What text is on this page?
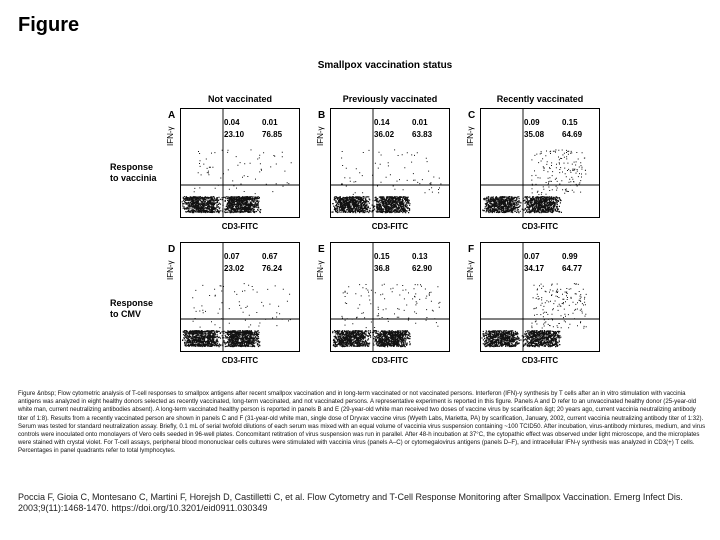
Figure
Smallpox vaccination status
Not vaccinated	Previously vaccinated	Recently vaccinated
Response
to vaccinia
Response
to CMV
A
IFN-γ
0.04	0.01
23.10 76.85
CD3-FITC
B
IFN-γ
0.14	0.01
36.02 63.83
CD3-FITC
C
IFN-γ
0.09	0.15
35.08 64.69
CD3-FITC
D
IFN-γ
0.07	0.67
23.02 76.24
CD3-FITC
E
IFN-γ
0.15	0.13
36.8	62.90
CD3-FITC
F
IFN-γ
0.07	0.99
34.17 64.77
CD3-FITC
Figure &nbsp; Flow cytometric analysis of T-cell responses to smallpox antigens after recent smallpox vaccination and in long-term vaccinated or not vaccinated persons. Interferon (IFN)-γ synthesis by T cells after an in vitro stimulation with vaccinia antigens was analyzed in eight healthy donors selected as recently vaccinated, long-term vaccinated, and not vaccinated persons. A representative experiment is reported in this figure. Panels A and D refer to an unvaccinated healthy donor (25-year-old white man, current neutralizing antibodies absent). A long-term vaccinated healthy person is reported in panels B and E (29-year-old white man received two doses of vaccine virus by scarification &gt; 20 years ago, current vaccinia neutralizing antibody titer of 1:8). Results from a recently vaccinated person are shown in panels C and F (31-year-old white man, single dose of Dryvax vaccine virus (Wyeth Labs, Marietta, PA) by scarification, January, 2002, current vaccinia neutralizing antibody titer of 1:32). Serum was tested for standard neutralization assay. Briefly, 0.1 mL of serial twofold dilutions of each serum was mixed with an equal volume of vaccinia virus suspension containing ~100 TCID50. After incubation, virus-antibody mixtures, medium, and virus controls were inoculated onto monolayers of Vero cells seeded in 96-well plates. Concomitant retitration of virus suspension was run in parallel. After 48-h incubation at 37°C, the cytopathic effect was observed under light microscope, and the microplates were stained with crystal violet. For T-cell assays, peripheral blood mononuclear cells cultures were stimulated with vaccinia virus (panels A–C) or cytomegalovirus antigens (panels D–F), and intracellular IFN-γ synthesis was analyzed in CD3(+) T cells. Percentages in panel quadrants refer to total lymphocytes.
Poccia F, Gioia C, Montesano C, Martini F, Horejsh D, Castilletti C, et al. Flow Cytometry and T-Cell Response Monitoring after Smallpox Vaccination. Emerg Infect Dis. 2003;9(11):1468-1470. https://doi.org/10.3201/eid0911.030349
